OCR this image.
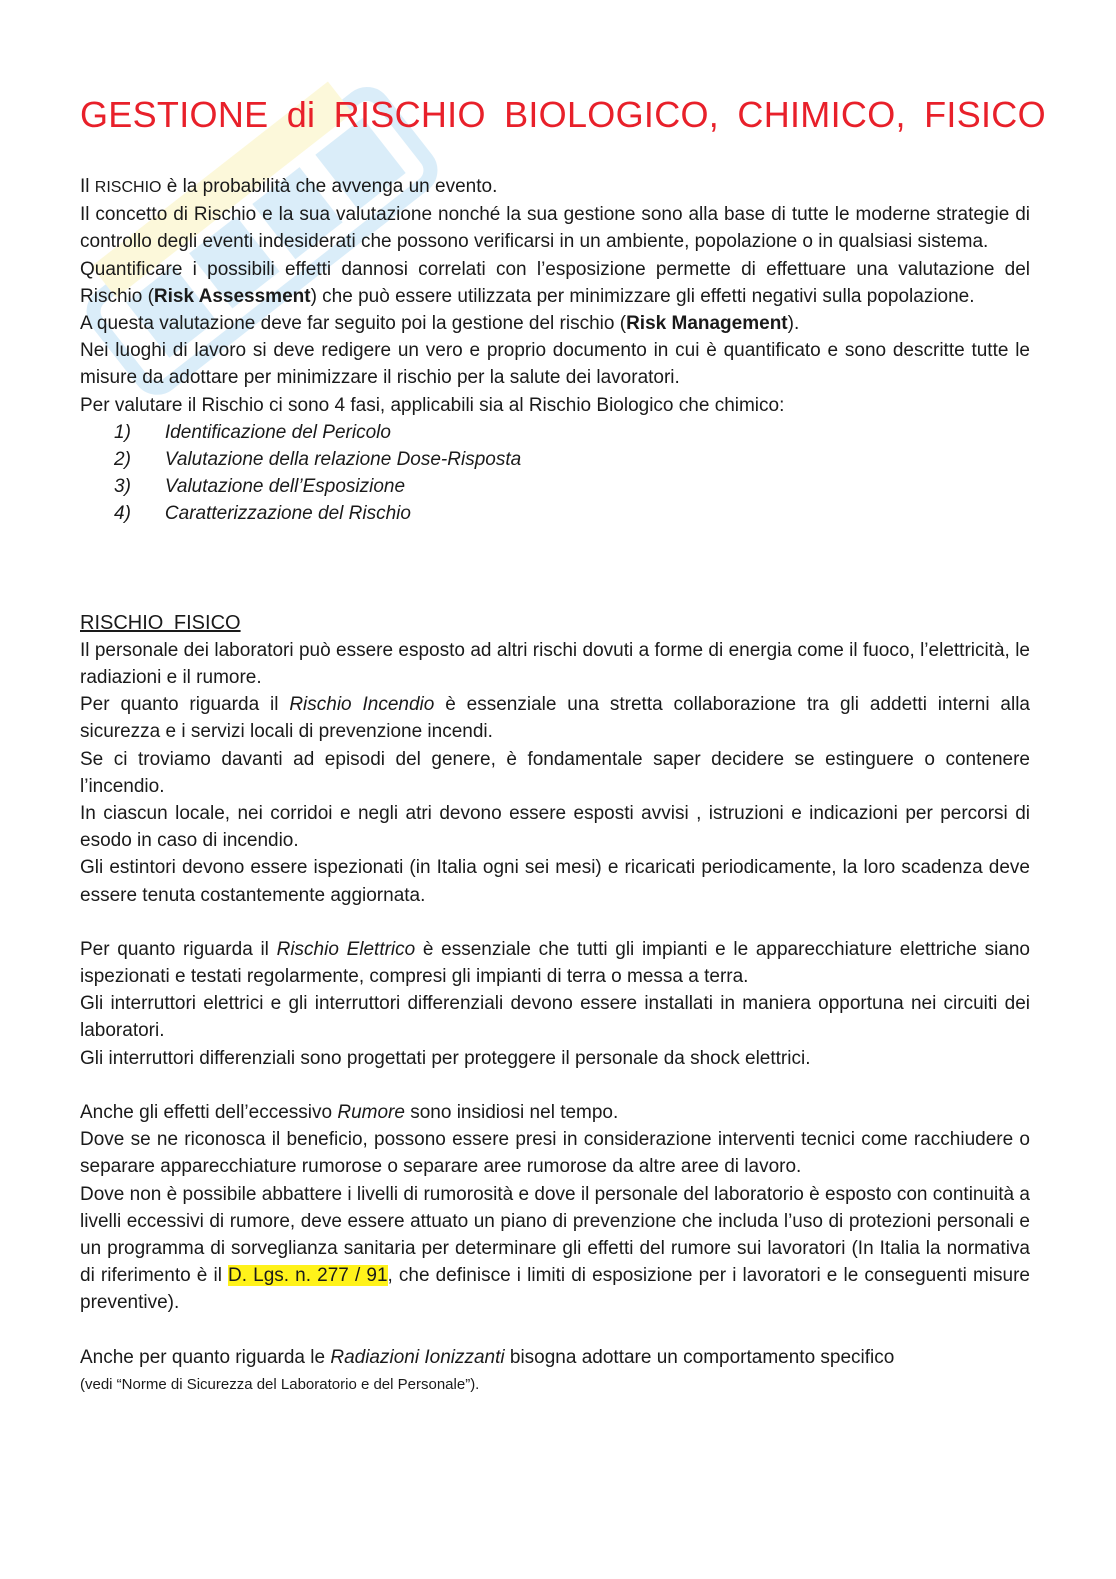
GESTIONE di RISCHIO BIOLOGICO, CHIMICO, FISICO

Il RISCHIO è la probabilità che avvenga un evento.

Il concetto di Rischio e la sua valutazione nonché la sua gestione sono alla base di tutte le moderne strategie di controllo degli eventi indesiderati che possono verificarsi in un ambiente, popolazione o in qualsiasi sistema.

Quantificare i possibili effetti dannosi correlati con l’esposizione permette di effettuare una valutazione del Rischio (Risk Assessment) che può essere utilizzata per minimizzare gli effetti negativi sulla popolazione.

A questa valutazione deve far seguito poi la gestione del rischio (Risk Management).

Nei luoghi di lavoro si deve redigere un vero e proprio documento in cui è quantificato e sono descritte tutte le misure da adottare per minimizzare il rischio per la salute dei lavoratori.

Per valutare il Rischio ci sono 4 fasi, applicabili sia al Rischio Biologico che chimico:

1) Identificazione del Pericolo
2) Valutazione della relazione Dose-Risposta
3) Valutazione dell’Esposizione
4) Caratterizzazione del Rischio

RISCHIO FISICO

Il personale dei laboratori può essere esposto ad altri rischi dovuti a forme di energia come il fuoco, l’elettricità, le radiazioni e il rumore.

Per quanto riguarda il Rischio Incendio è essenziale una stretta collaborazione tra gli addetti interni alla sicurezza e i servizi locali di prevenzione incendi.

Se ci troviamo davanti ad episodi del genere, è fondamentale saper decidere se estinguere o contenere l’incendio.

In ciascun locale, nei corridoi e negli atri devono essere esposti avvisi , istruzioni e indicazioni per percorsi di esodo in caso di incendio.

Gli estintori devono essere ispezionati (in Italia ogni sei mesi) e ricaricati periodicamente, la loro scadenza deve essere tenuta costantemente aggiornata.

Per quanto riguarda il Rischio Elettrico è essenziale che tutti gli impianti e le apparecchiature elettriche siano ispezionati e testati regolarmente, compresi gli impianti di terra o messa a terra.

Gli interruttori elettrici e gli interruttori differenziali devono essere installati in maniera opportuna nei circuiti dei laboratori.

Gli interruttori differenziali sono progettati per proteggere il personale da shock elettrici.

Anche gli effetti dell’eccessivo Rumore sono insidiosi nel tempo.

Dove se ne riconosca il beneficio, possono essere presi in considerazione interventi tecnici come racchiudere o separare apparecchiature rumorose o separare aree rumorose da altre aree di lavoro.

Dove non è possibile abbattere i livelli di rumorosità e dove il personale del laboratorio è esposto con continuità a livelli eccessivi di rumore, deve essere attuato un piano di prevenzione che includa l’uso di protezioni personali e un programma di sorveglianza sanitaria per determinare gli effetti del rumore sui lavoratori (In Italia la normativa di riferimento è il D. Lgs. n. 277 / 91, che definisce i limiti di esposizione per i lavoratori e le conseguenti misure preventive).

Anche per quanto riguarda le Radiazioni Ionizzanti bisogna adottare un comportamento specifico

(vedi “Norme di Sicurezza del Laboratorio e del Personale”).
